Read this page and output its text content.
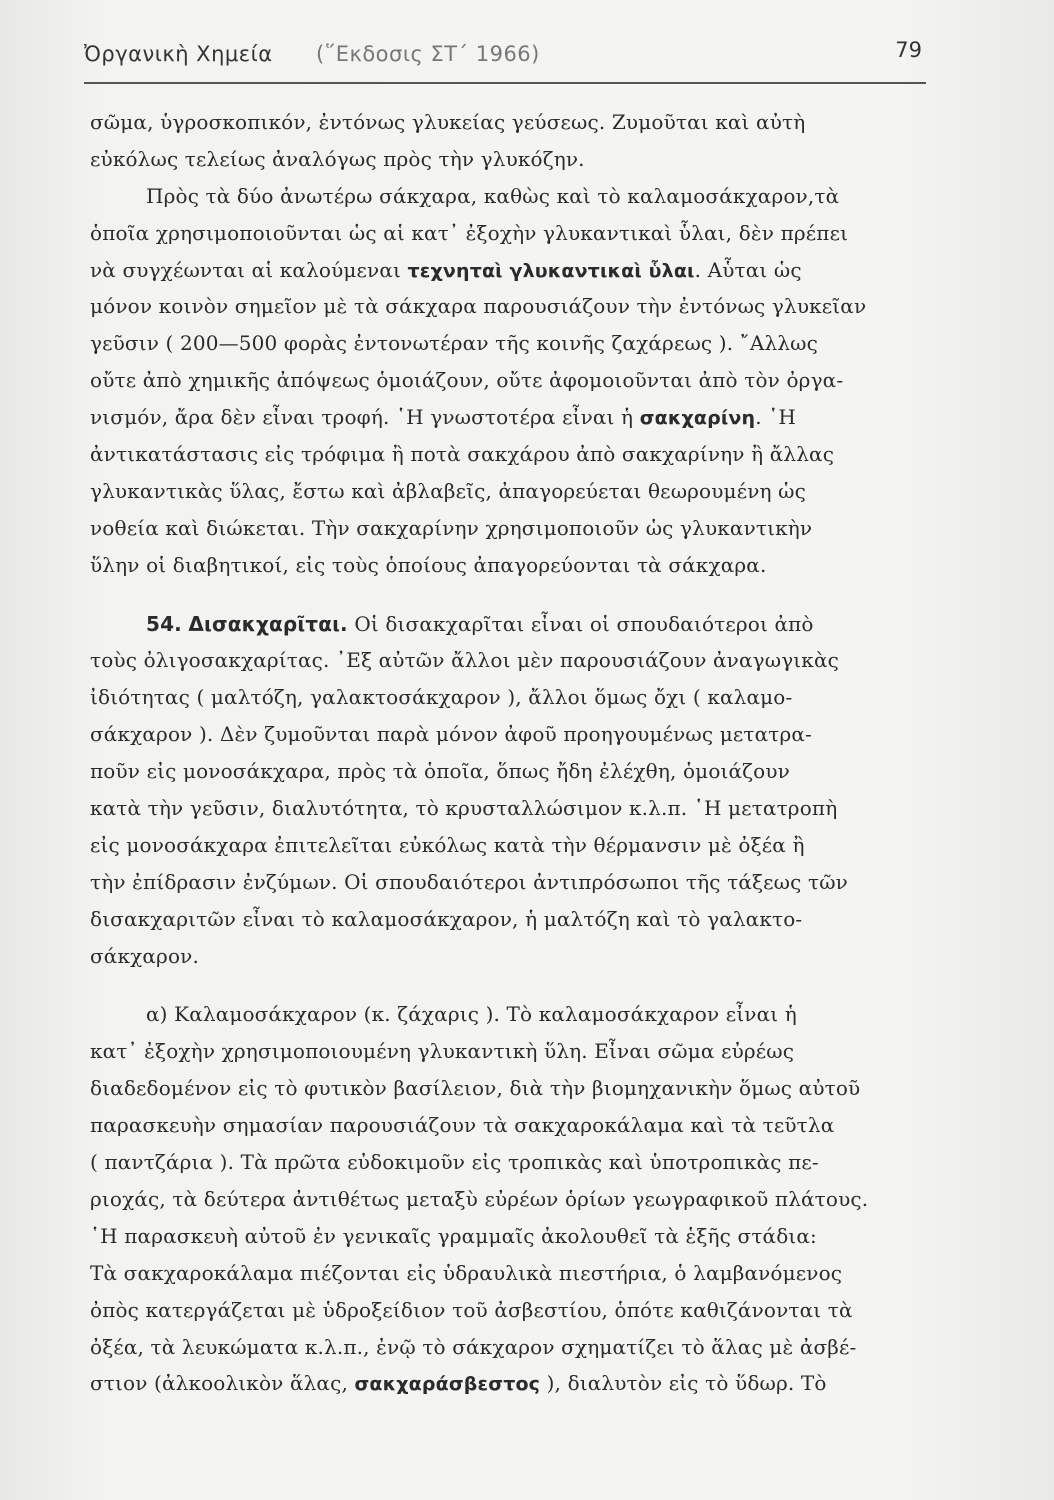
Ὀργανικὴ Χημεία (῞Εκδοσις ΣΤ΄ 1966)	79
σῶμα, ὑγροσκοπικόν, ἐντόνως γλυκείας γεύσεως. Ζυμοῦται καὶ αὐτὴ
εὐκόλως τελείως ἀναλόγως πρὸς τὴν γλυκόζην.
Πρὸς τὰ δύο ἀνωτέρω σάκχαρα, καθὼς καὶ τὸ καλαμοσάκχαρον,τὰ
ὁποῖα χρησιμοποιοῦνται ὡς αἱ κατ᾽ ἐξοχὴν γλυκαντικαὶ ὗλαι, δὲν πρέπει
νὰ συγχέωνται αἱ καλούμεναι τεχνηταὶ γλυκαντικαὶ ὗλαι. Αὗται ὡς
μόνον κοινὸν σημεῖον μὲ τὰ σάκχαρα παρουσιάζουν τὴν ἐντόνως γλυκεῖαν
γεῦσιν ( 200—500 φορὰς ἐντονωτέραν τῆς κοινῆς ζαχάρεως ). ῎Αλλως
οὔτε ἀπὸ χημικῆς ἀπόψεως ὁμοιάζουν, οὔτε ἀφομοιοῦνται ἀπὸ τὸν ὀργα-
νισμόν, ἄρα δὲν εἶναι τροφή. ῾Η γνωστοτέρα εἶναι ἡ σακχαρίνη. ῾Η
ἀντικατάστασις εἰς τρόφιμα ἢ ποτὰ σακχάρου ἀπὸ σακχαρίνην ἢ ἄλλας
γλυκαντικὰς ὕλας, ἔστω καὶ ἀβλαβεῖς, ἀπαγορεύεται θεωρουμένη ὡς
νοθεία καὶ διώκεται. Τὴν σακχαρίνην χρησιμοποιοῦν ὡς γλυκαντικὴν
ὕλην οἱ διαβητικοί, εἰς τοὺς ὁποίους ἀπαγορεύονται τὰ σάκχαρα.
54. Δισακχαρῖται. Οἱ δισακχαρῖται εἶναι οἱ σπουδαιότεροι ἀπὸ
τοὺς ὀλιγοσακχαρίτας. ᾿Εξ αὐτῶν ἄλλοι μὲν παρουσιάζουν ἀναγωγικὰς
ἰδιότητας ( μαλτόζη, γαλακτοσάκχαρον ), ἄλλοι ὅμως ὄχι ( καλαμο-
σάκχαρον ). Δὲν ζυμοῦνται παρὰ μόνον ἀφοῦ προηγουμένως μετατρα-
ποῦν εἰς μονοσάκχαρα, πρὸς τὰ ὁποῖα, ὅπως ἤδη ἐλέχθη, ὁμοιάζουν
κατὰ τὴν γεῦσιν, διαλυτότητα, τὸ κρυσταλλώσιμον κ.λ.π. ῾Η μετατροπὴ
εἰς μονοσάκχαρα ἐπιτελεῖται εὐκόλως κατὰ τὴν θέρμανσιν μὲ ὀξέα ἢ
τὴν ἐπίδρασιν ἐνζύμων. Οἱ σπουδαιότεροι ἀντιπρόσωποι τῆς τάξεως τῶν
δισακχαριτῶν εἶναι τὸ καλαμοσάκχαρον, ἡ μαλτόζη καὶ τὸ γαλακτο-
σάκχαρον.
α) Καλαμοσάκχαρον (κ. ζάχαρις ). Τὸ καλαμοσάκχαρον εἶναι ἡ
κατ᾽ ἐξοχὴν χρησιμοποιουμένη γλυκαντικὴ ὕλη. Εἶναι σῶμα εὐρέως
διαδεδομένον εἰς τὸ φυτικὸν βασίλειον, διὰ τὴν βιομηχανικὴν ὅμως αὐτοῦ
παρασκευὴν σημασίαν παρουσιάζουν τὰ σακχαροκάλαμα καὶ τὰ τεῦτλα
( παντζάρια ). Τὰ πρῶτα εὐδοκιμοῦν εἰς τροπικὰς καὶ ὑποτροπικὰς πε-
ριοχάς, τὰ δεύτερα ἀντιθέτως μεταξὺ εὐρέων ὁρίων γεωγραφικοῦ πλάτους.
῾Η παρασκευὴ αὐτοῦ ἐν γενικαῖς γραμμαῖς ἀκολουθεῖ τὰ ἑξῆς στάδια:
Τὰ σακχαροκάλαμα πιέζονται εἰς ὑδραυλικὰ πιεστήρια, ὁ λαμβανόμενος
ὀπὸς κατεργάζεται μὲ ὑδροξείδιον τοῦ ἀσβεστίου, ὁπότε καθιζάνονται τὰ
ὀξέα, τὰ λευκώματα κ.λ.π., ἐνῷ τὸ σάκχαρον σχηματίζει τὸ ἅλας μὲ ἀσβέ-
στιον (ἀλκοολικὸν ἅλας, σακχαράσβεστος ), διαλυτὸν εἰς τὸ ὕδωρ. Τὸ
